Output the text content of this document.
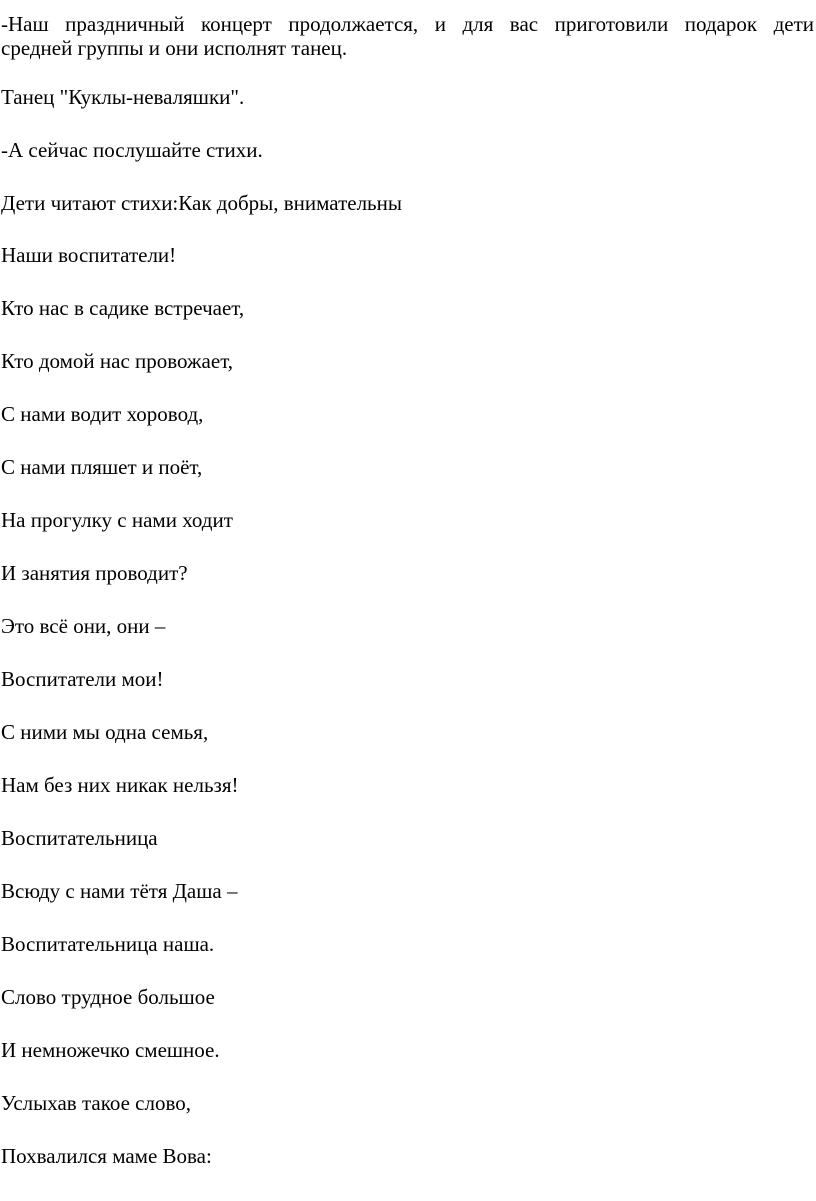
-Наш праздничный концерт продолжается, и для вас приготовили подарок дети
средней группы и они исполнят танец.
Танец "Куклы-неваляшки".
-А сейчас послушайте стихи.
Дети читают стихи:Как добры, внимательны
Наши воспитатели!
Кто нас в садике встречает,
Кто домой нас провожает,
С нами водит хоровод,
С нами пляшет и поёт,
На прогулку с нами ходит
И занятия проводит?
Это всё они, они –
Воспитатели мои!
С ними мы одна семья,
Нам без них никак нельзя!
Воспитательница
Всюду с нами тётя Даша –
Воспитательница наша.
Слово трудное большое
И немножечко смешное.
Услыхав такое слово,
Похвалился маме Вова:
